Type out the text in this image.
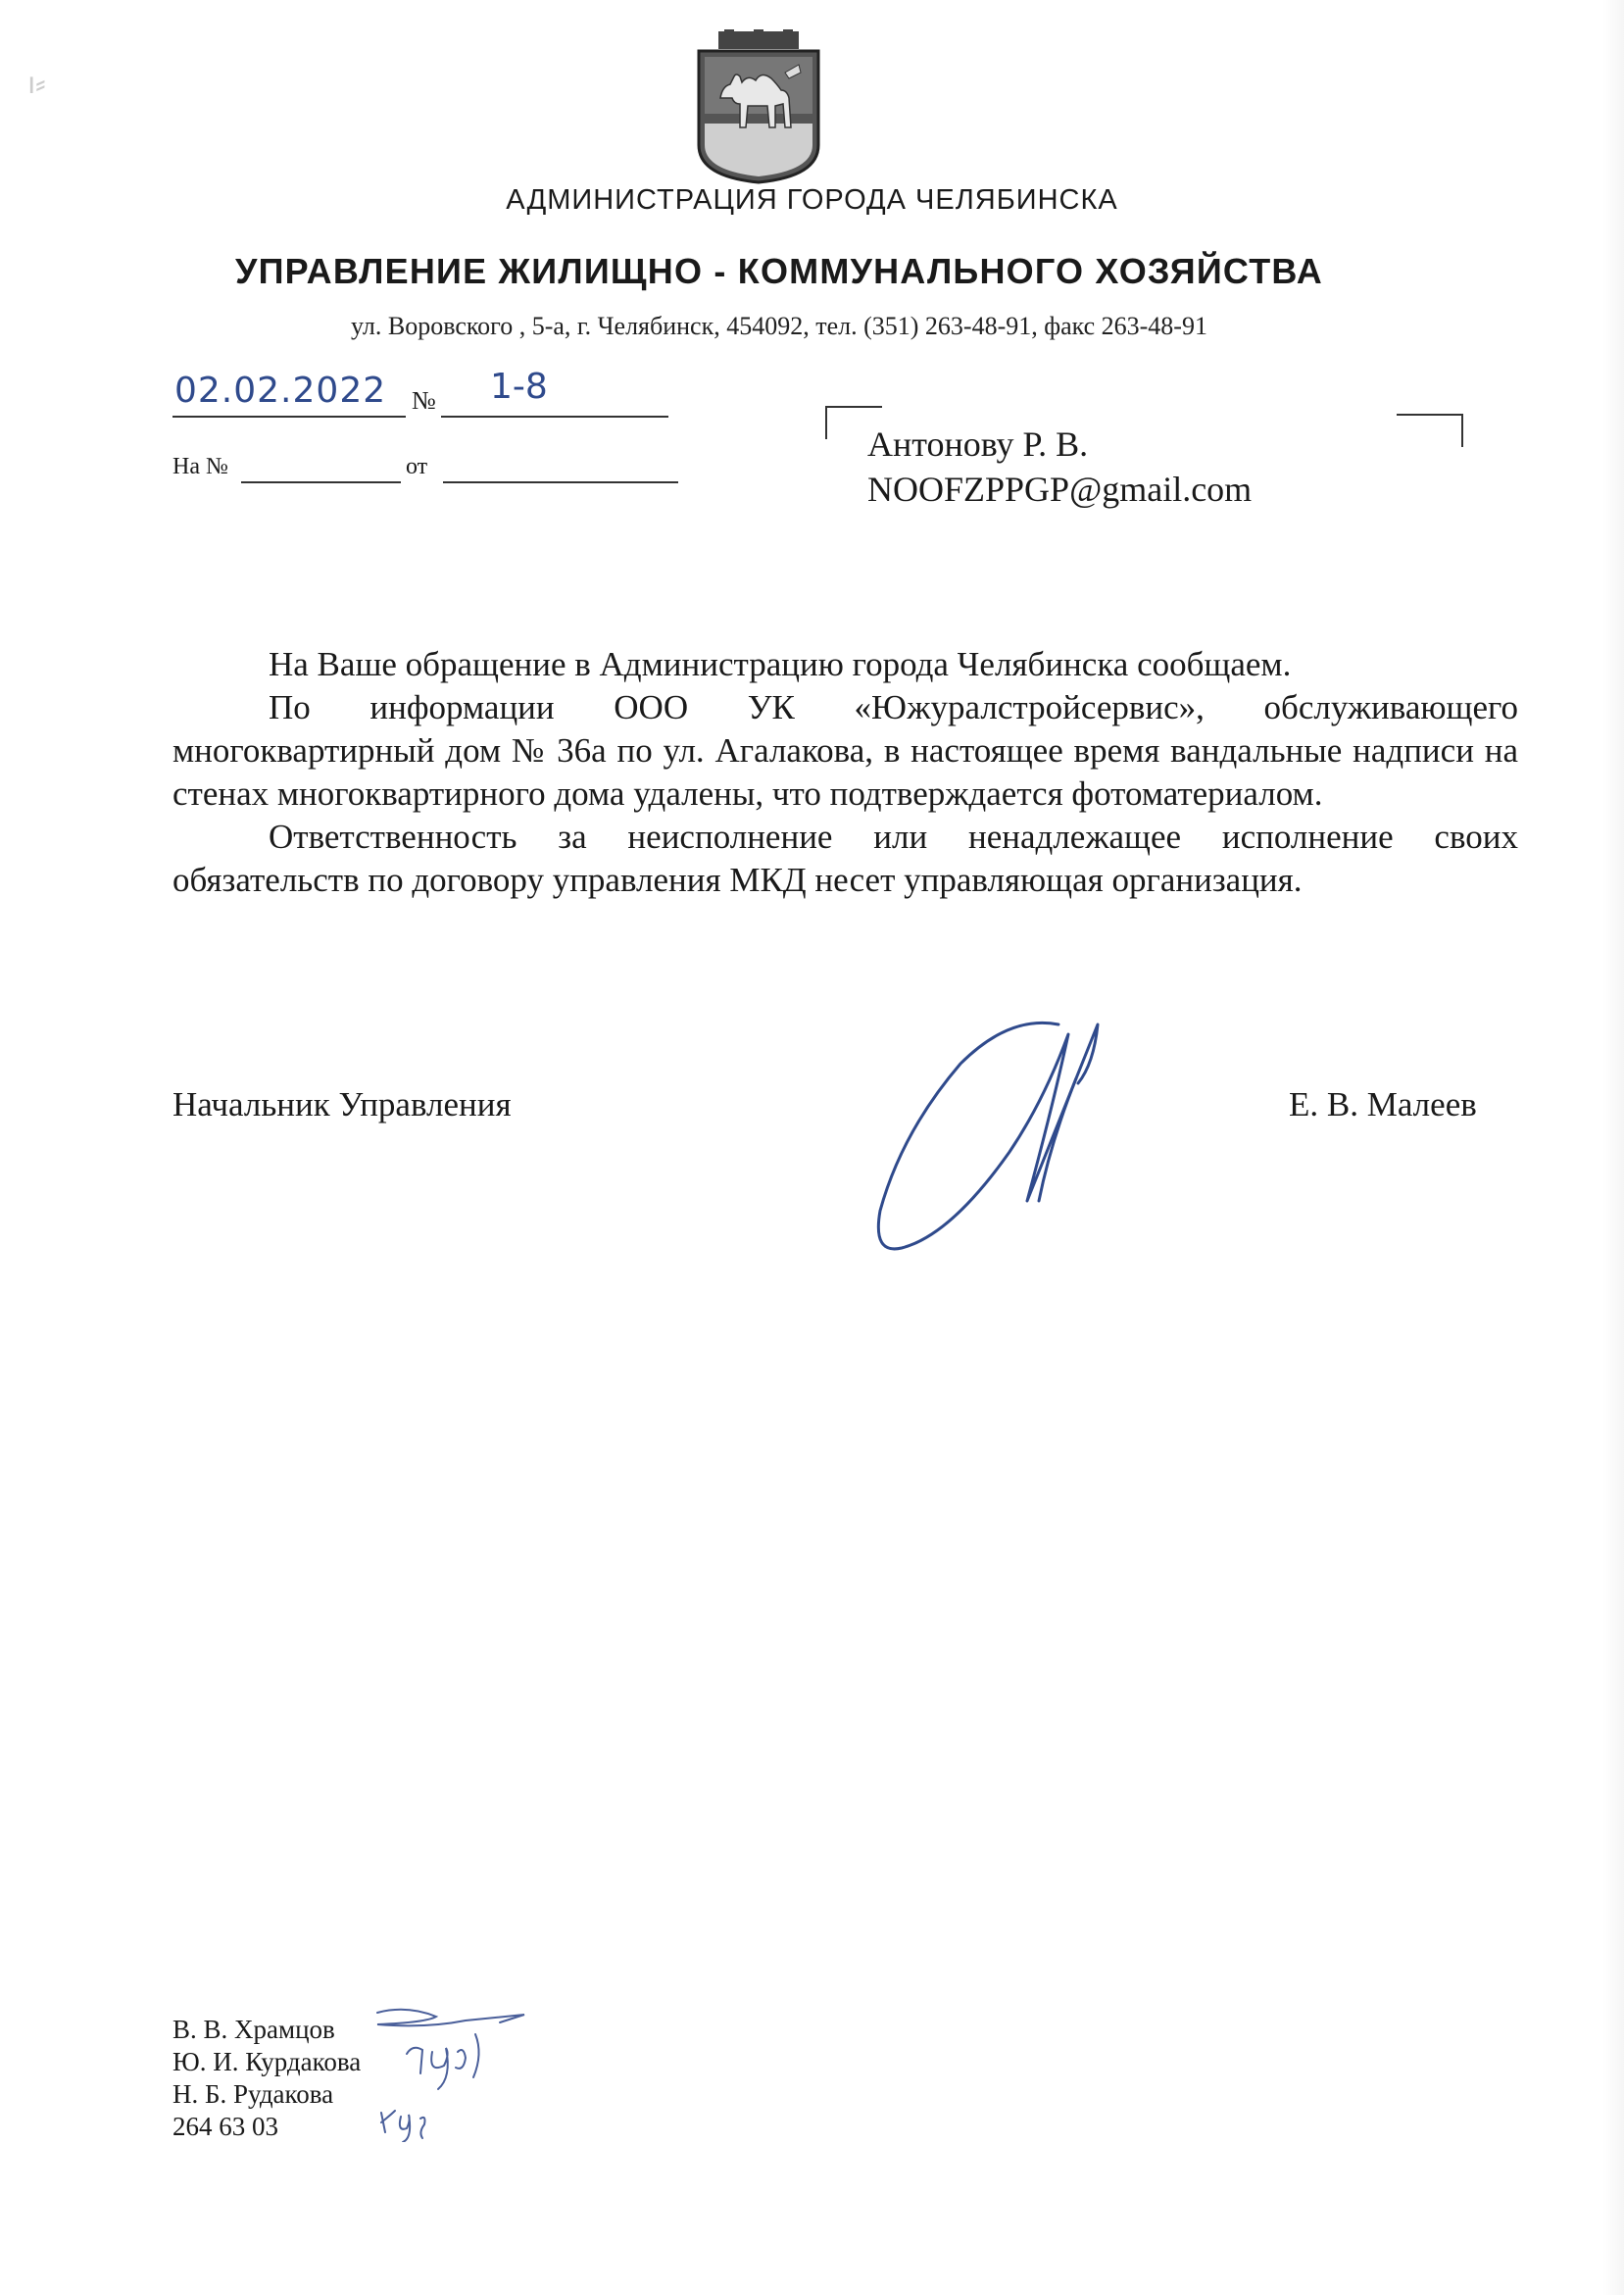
ı⸗
АДМИНИСТРАЦИЯ ГОРОДА ЧЕЛЯБИНСКА
УПРАВЛЕНИЕ ЖИЛИЩНО - КОММУНАЛЬНОГО ХОЗЯЙСТВА
ул. Воровского , 5-а, г. Челябинск, 454092, тел. (351) 263-48-91, факс 263-48-91
02.02.2022 № 1-8
На №	от
Антонову Р. В.
NOOFZPPGP@gmail.com

На Ваше обращение в Администрацию города Челябинска сообщаем.

По информации ООО УК «Южуралстройсервис», обслуживающего многоквартирный дом № 36а по ул. Агалакова, в настоящее время вандальные надписи на стенах многоквартирного дома удалены, что подтверждается фотоматериалом.

Ответственность за неисполнение или ненадлежащее исполнение своих обязательств по договору управления МКД несет управляющая организация.

Начальник Управления	Е. В. Малеев
В. В. Храмцов
Ю. И. Курдакова
Н. Б. Рудакова
264 63 03
